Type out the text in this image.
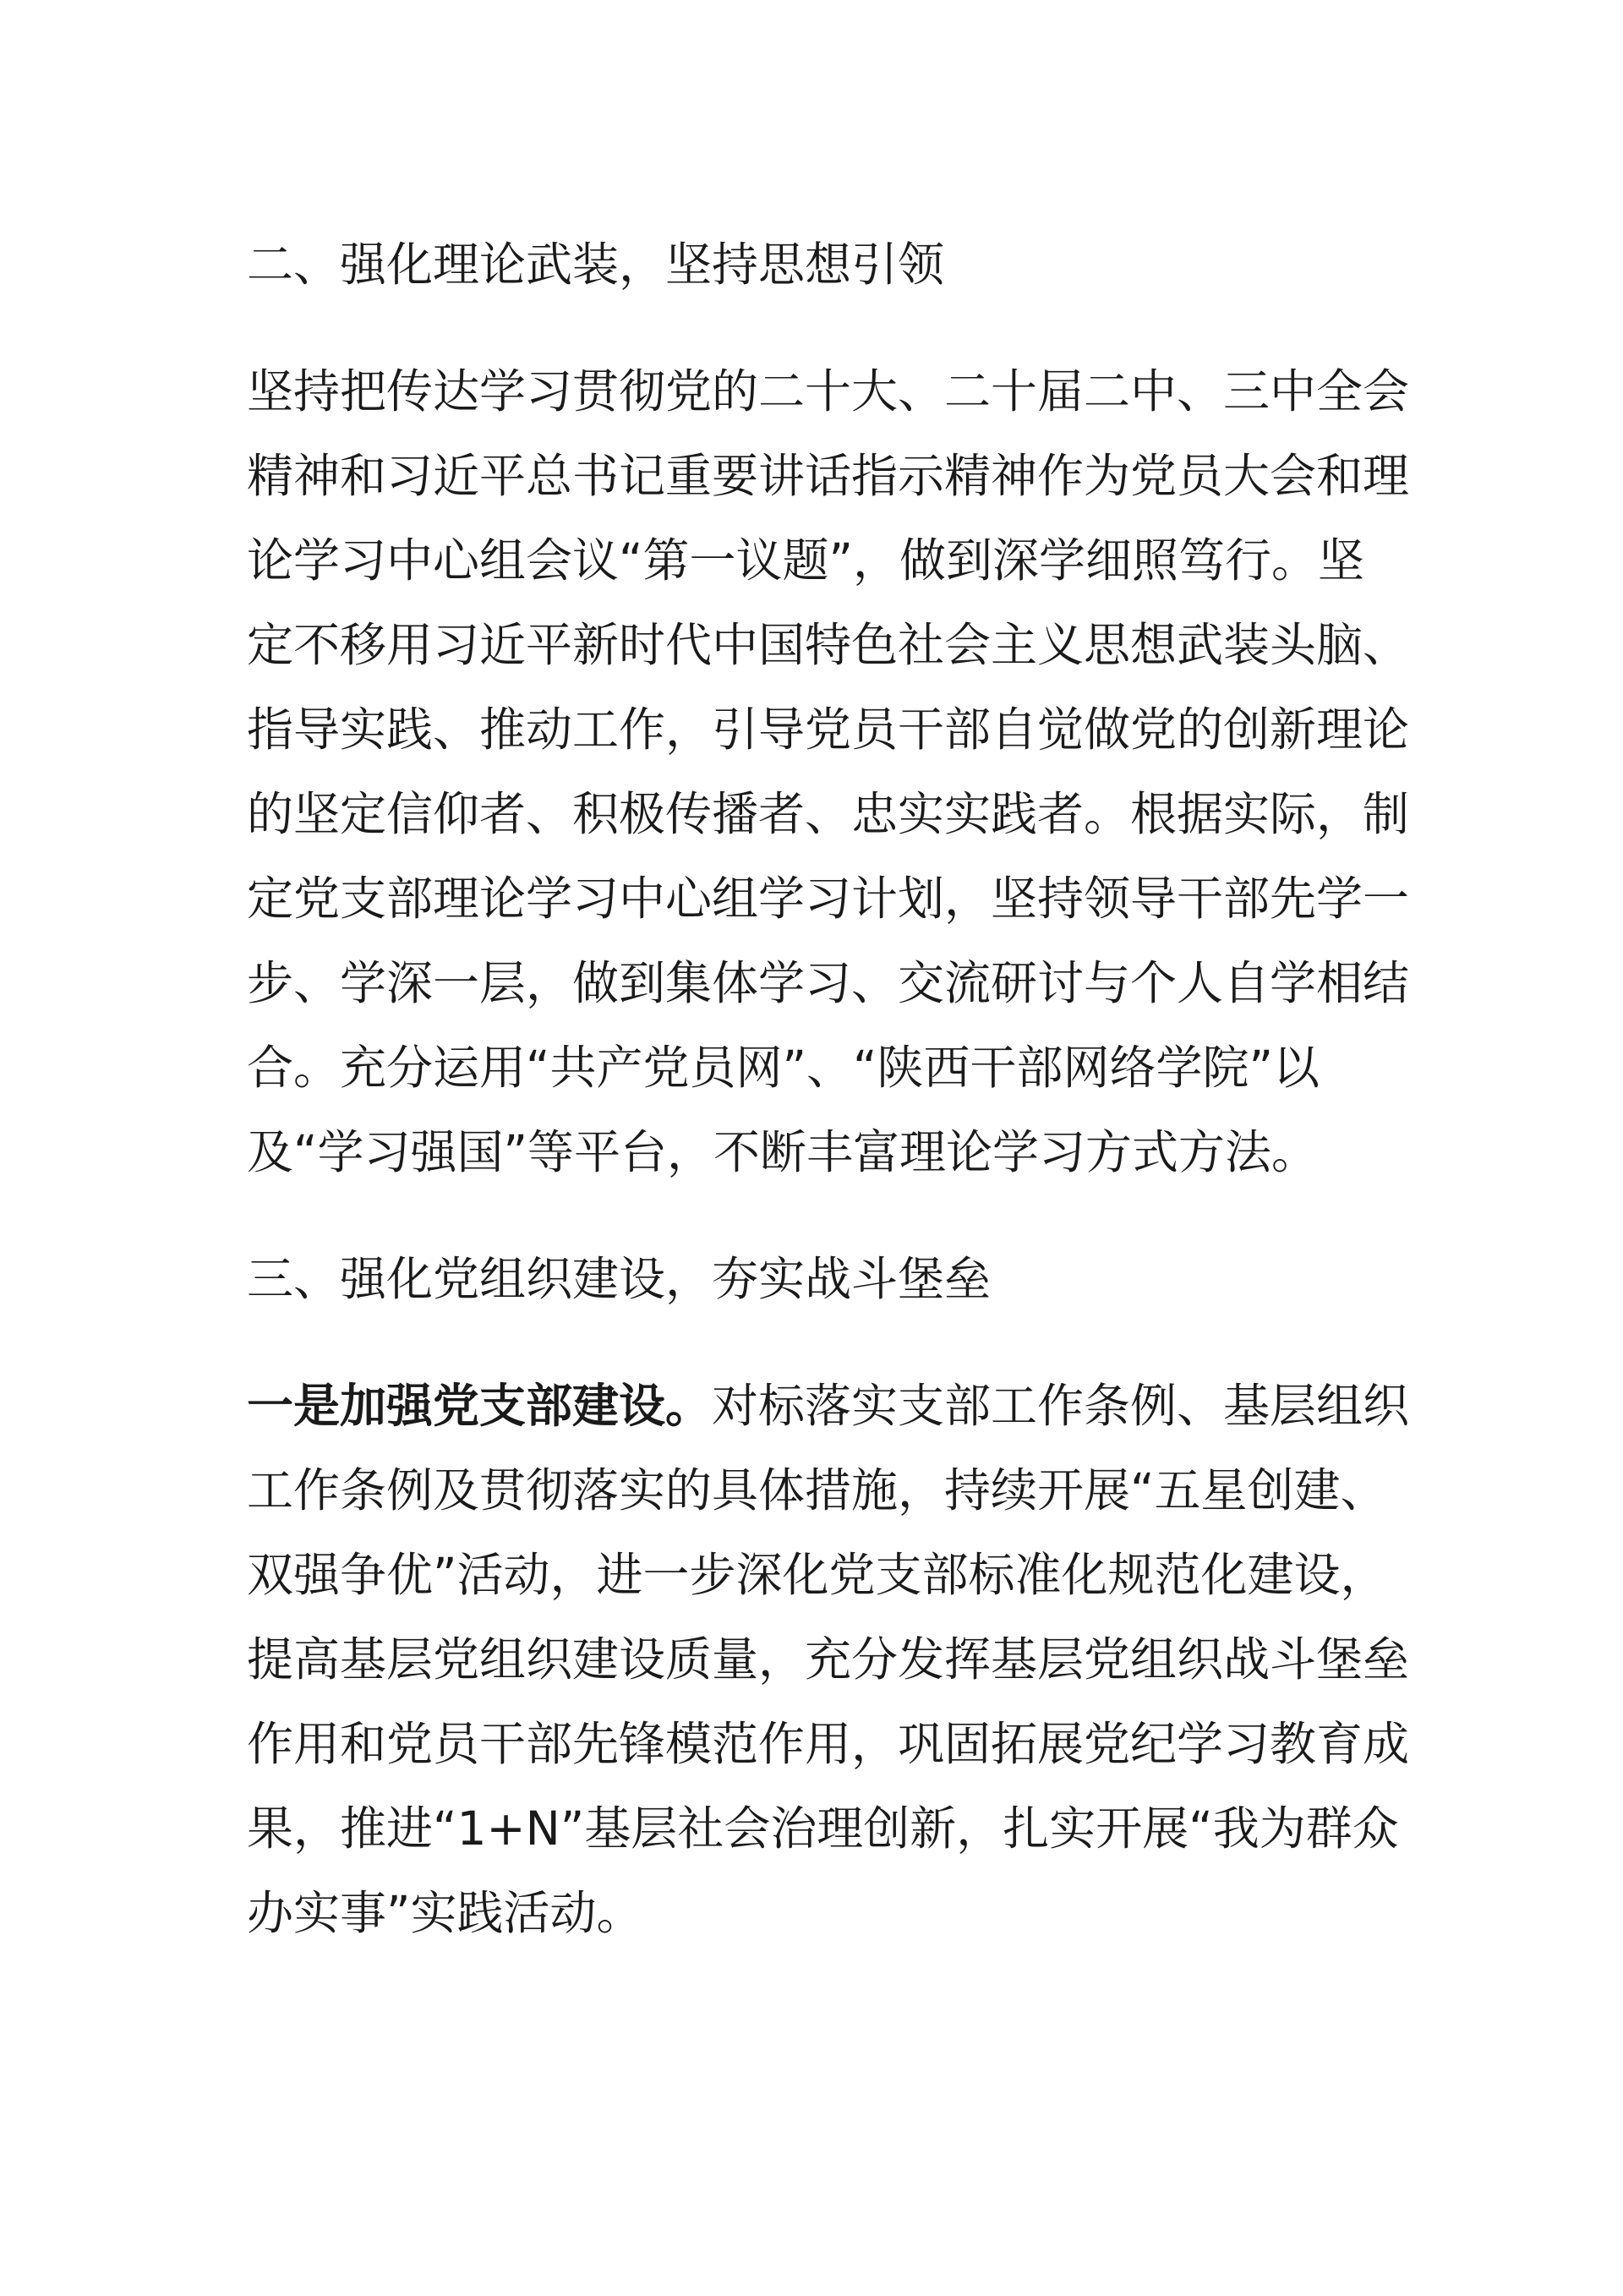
二、强化理论武装，坚持思想引领
坚持把传达学习贯彻党的二十大、二十届二中、三中全会
精神和习近平总书记重要讲话指示精神作为党员大会和理
论学习中心组会议“第一议题”，做到深学细照笃行。坚
定不移用习近平新时代中国特色社会主义思想武装头脑、
指导实践、推动工作，引导党员干部自觉做党的创新理论
的坚定信仰者、积极传播者、忠实实践者。根据实际，制
定党支部理论学习中心组学习计划，坚持领导干部先学一
步、学深一层，做到集体学习、交流研讨与个人自学相结
合。充分运用“共产党员网”、“陕西干部网络学院”以
及“学习强国”等平台，不断丰富理论学习方式方法。
三、强化党组织建设，夯实战斗堡垒
一是加强党支部建设。对标落实支部工作条例、基层组织
工作条例及贯彻落实的具体措施，持续开展“五星创建、
双强争优”活动，进一步深化党支部标准化规范化建设，
提高基层党组织建设质量，充分发挥基层党组织战斗堡垒
作用和党员干部先锋模范作用，巩固拓展党纪学习教育成
果，推进“1+N”基层社会治理创新，扎实开展“我为群众
办实事”实践活动。
